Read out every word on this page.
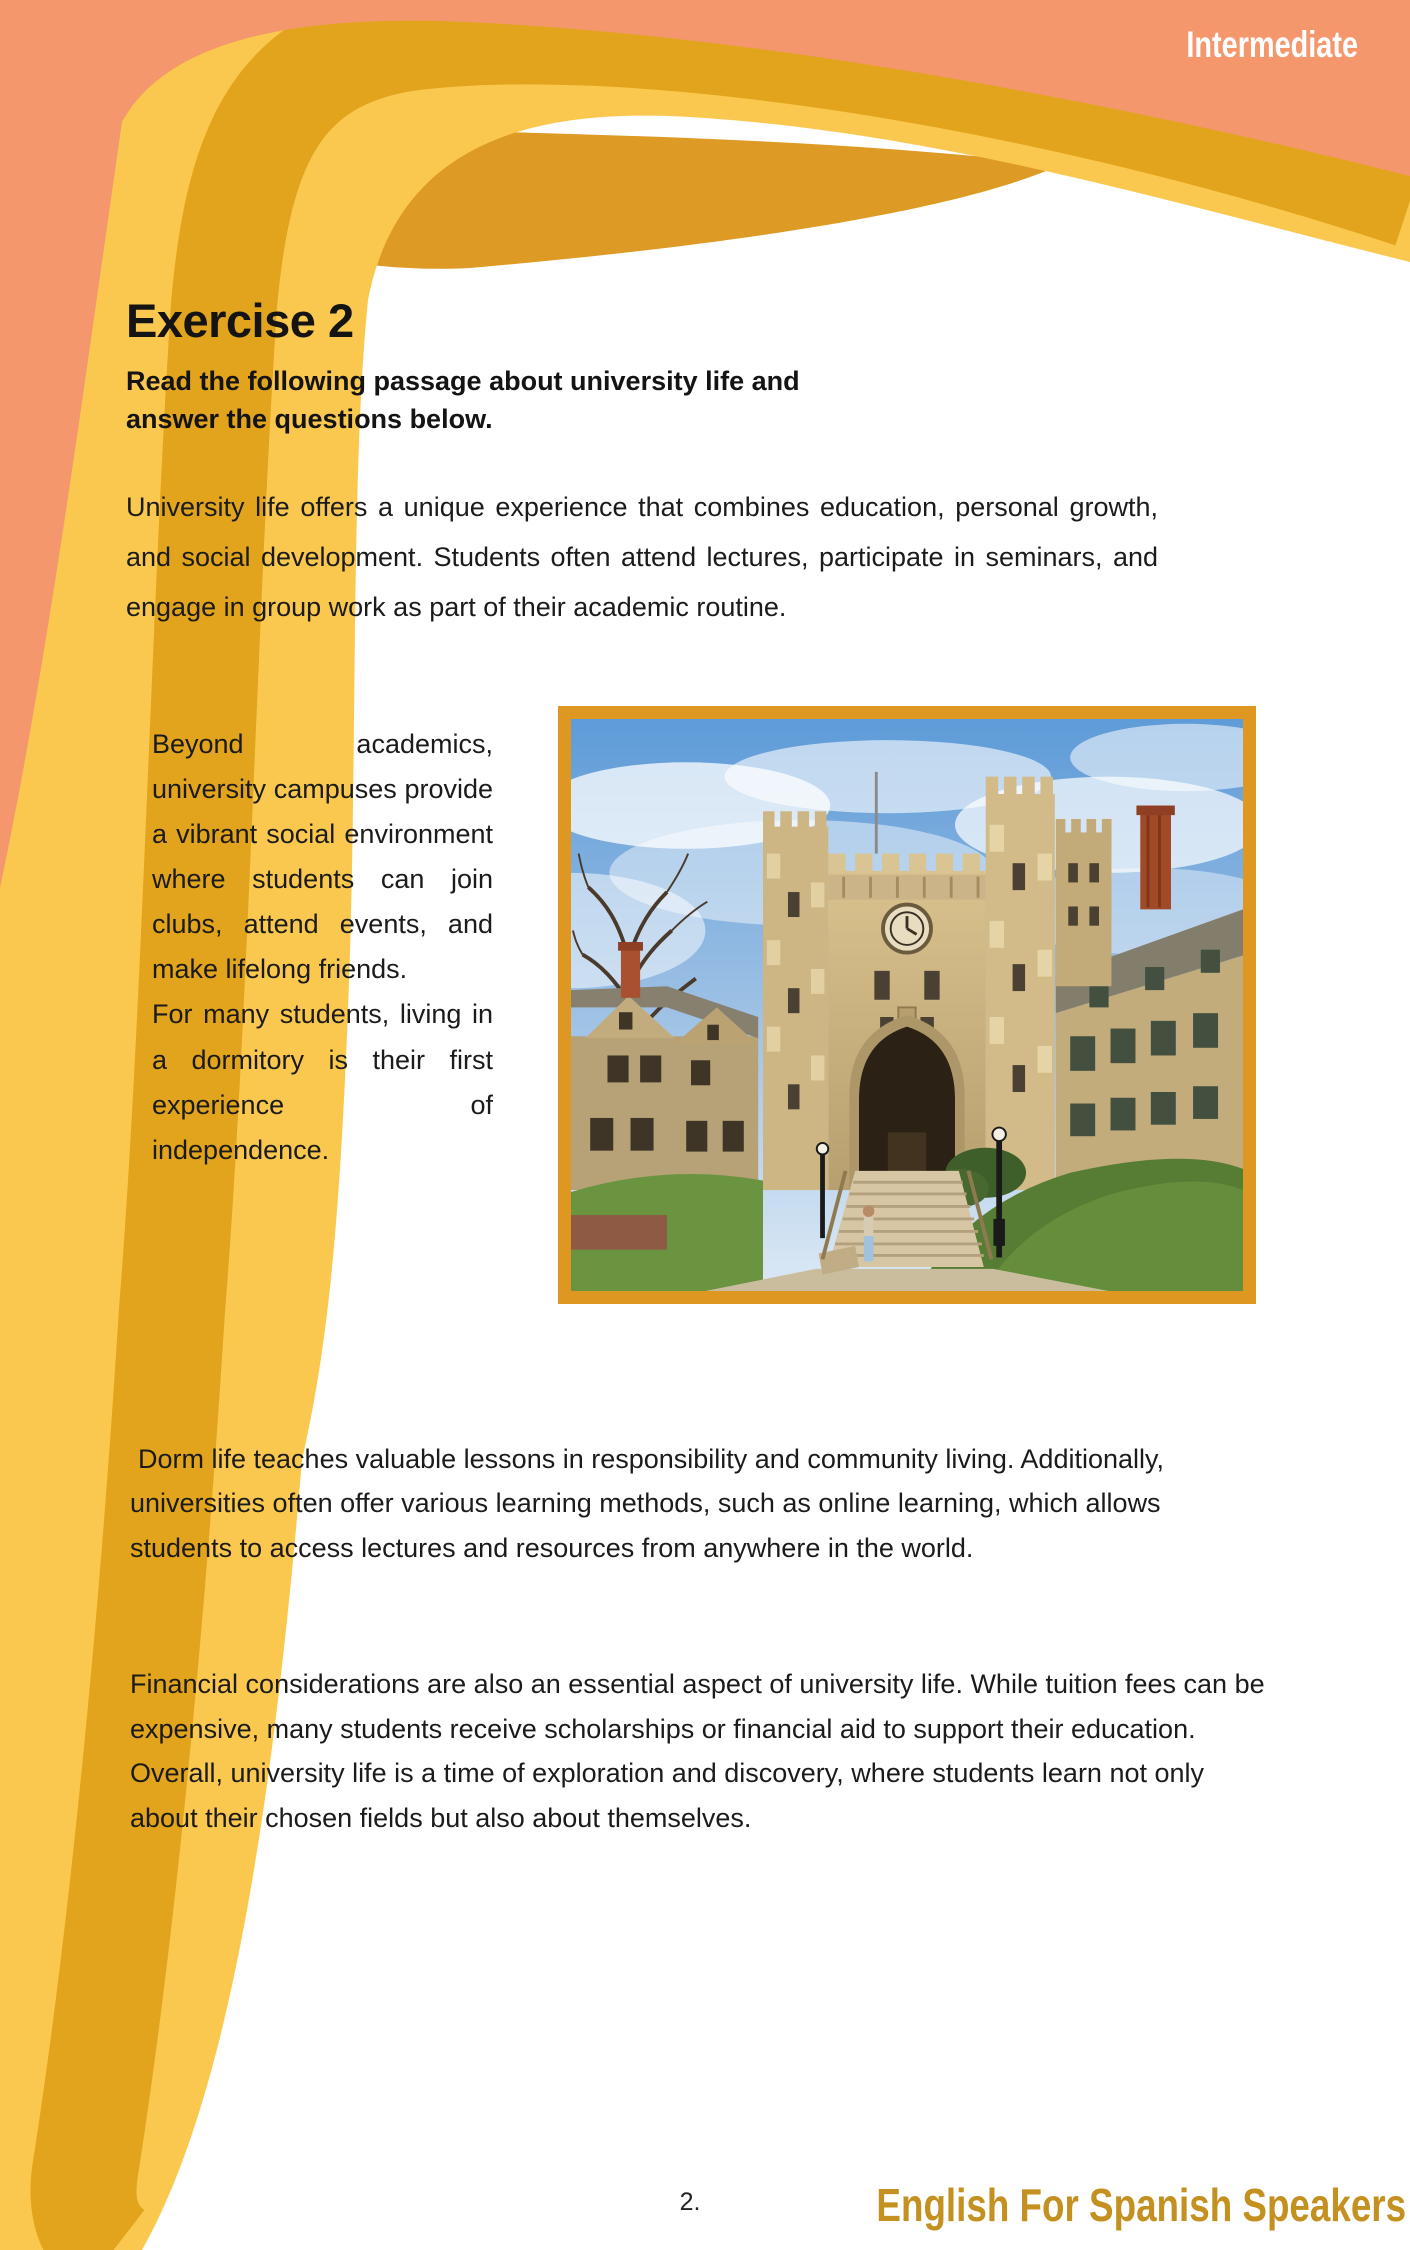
Intermediate
Exercise 2
Read the following passage about university life and answer the questions below.
University life offers a unique experience that combines education, personal growth, and social development. Students often attend lectures, participate in seminars, and engage in group work as part of their academic routine.
Beyond academics, university campuses provide a vibrant social environment where students can join clubs, attend events, and make lifelong friends.
For many students, living in a dormitory is their first experience of independence.
Dorm life teaches valuable lessons in responsibility and community living. Additionally, universities often offer various learning methods, such as online learning, which allows students to access lectures and resources from anywhere in the world.
Financial considerations are also an essential aspect of university life. While tuition fees can be expensive, many students receive scholarships or financial aid to support their education. Overall, university life is a time of exploration and discovery, where students learn not only about their chosen fields but also about themselves.
2.	English For Spanish Speakers
